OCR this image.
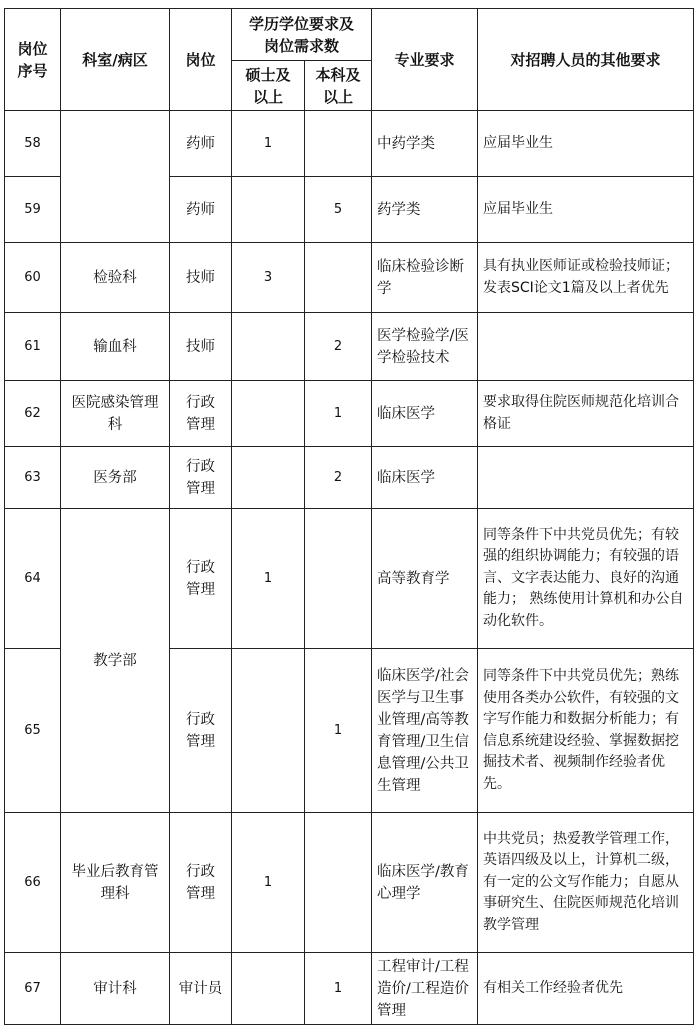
岗位序号	科室/病区	岗位	学历学位要求及岗位需求数		专业要求	对招聘人员的其他要求
			硕士及以上	本科及以上		
58		药师	1		中药学类	应届毕业生
59		药师		5	药学类	应届毕业生
60	检验科	技师	3		临床检验诊断学	具有执业医师证或检验技师证；发表SCI论文1篇及以上者优先
61	输血科	技师		2	医学检验学/医学检验技术	
62	医院感染管理科	行政管理		1	临床医学	要求取得住院医师规范化培训合格证
63	医务部	行政管理		2	临床医学	
64	教学部	行政管理	1		高等教育学	同等条件下中共党员优先；有较强的组织协调能力；有较强的语言、文字表达能力、良好的沟通能力； 熟练使用计算机和办公自动化软件。
65		行政管理		1	临床医学/社会医学与卫生事业管理/高等教育管理/卫生信息管理/公共卫生管理	同等条件下中共党员优先；熟练使用各类办公软件，有较强的文字写作能力和数据分析能力；有信息系统建设经验、掌握数据挖掘技术者、视频制作经验者优先。
66	毕业后教育管理科	行政管理	1		临床医学/教育心理学	中共党员；热爱教学管理工作，英语四级及以上，计算机二级，有一定的公文写作能力；自愿从事研究生、住院医师规范化培训教学管理
67	审计科	审计员		1	工程审计/工程造价/工程造价管理	有相关工作经验者优先
